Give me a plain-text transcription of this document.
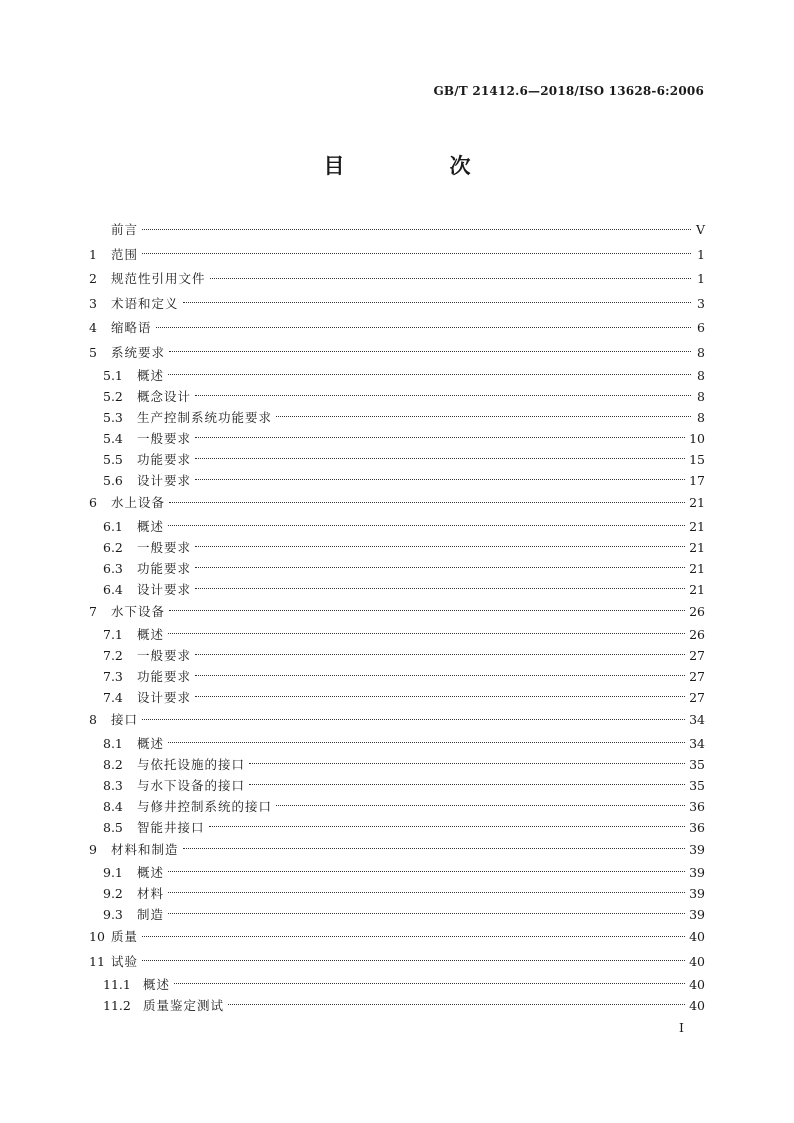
GB/T 21412.6—2018/ISO 13628-6:2006
目　次
前言	V
1	范围	1
2	规范性引用文件	1
3	术语和定义	3
4	缩略语	6
5	系统要求	8
5.1	概述	8
5.2	概念设计	8
5.3	生产控制系统功能要求	8
5.4	一般要求	10
5.5	功能要求	15
5.6	设计要求	17
6	水上设备	21
6.1	概述	21
6.2	一般要求	21
6.3	功能要求	21
6.4	设计要求	21
7	水下设备	26
7.1	概述	26
7.2	一般要求	27
7.3	功能要求	27
7.4	设计要求	27
8	接口	34
8.1	概述	34
8.2	与依托设施的接口	35
8.3	与水下设备的接口	35
8.4	与修井控制系统的接口	36
8.5	智能井接口	36
9	材料和制造	39
9.1	概述	39
9.2	材料	39
9.3	制造	39
10 质量	40
11 试验	40
11.1 概述	40
11.2 质量鉴定测试	40
I
